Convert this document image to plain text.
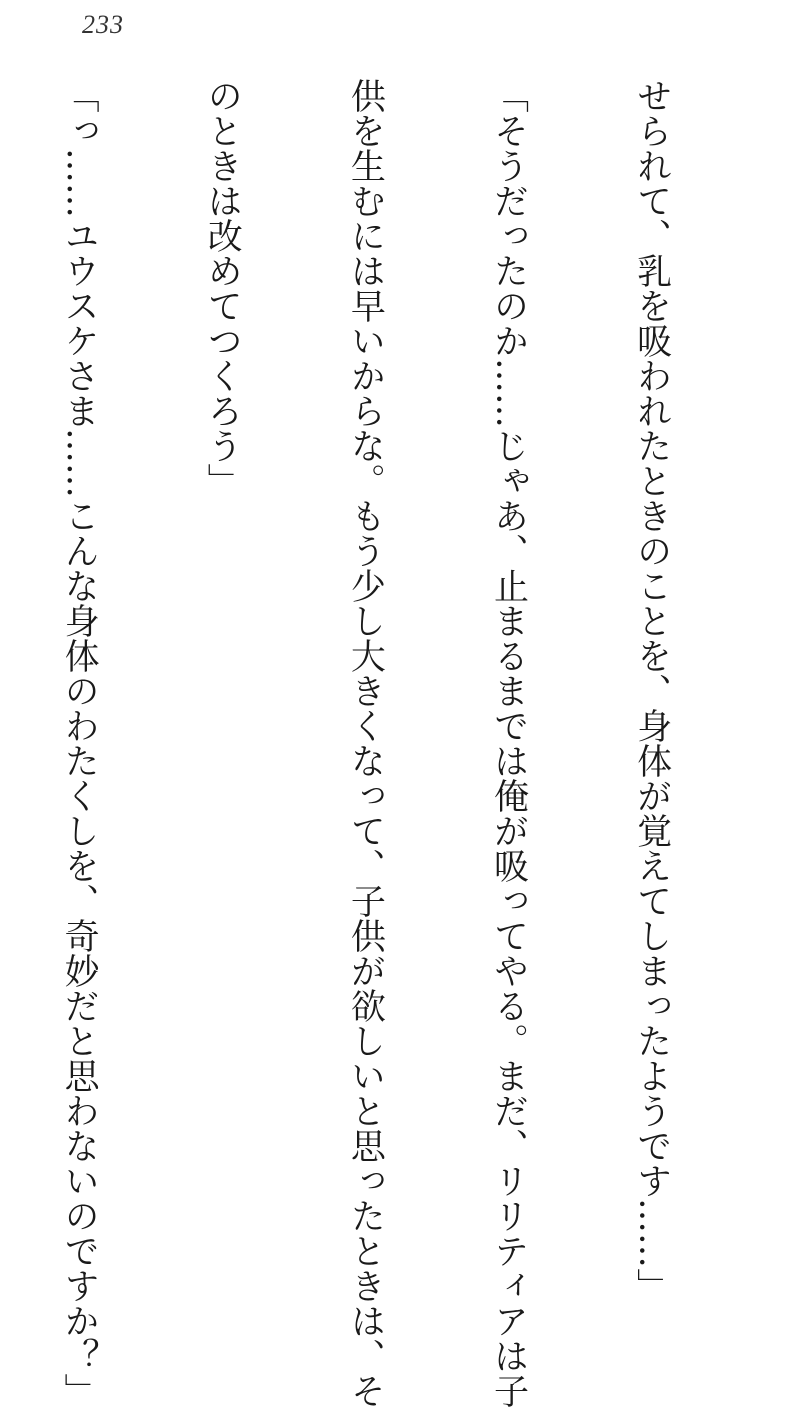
233

せられて、乳を吸われたときのことを、身体が覚えてしまったようです……」

「そうだったのか……じゃあ、止まるまでは俺が吸ってやる。まだ、リリティアは子

供を生むには早いからな。もう少し大きくなって、子供が欲しいと思ったときは、そ

のときは改めてつくろう」

「っ……ユウスケさま……こんな身体のわたくしを、奇妙だと思わないのですか？」
